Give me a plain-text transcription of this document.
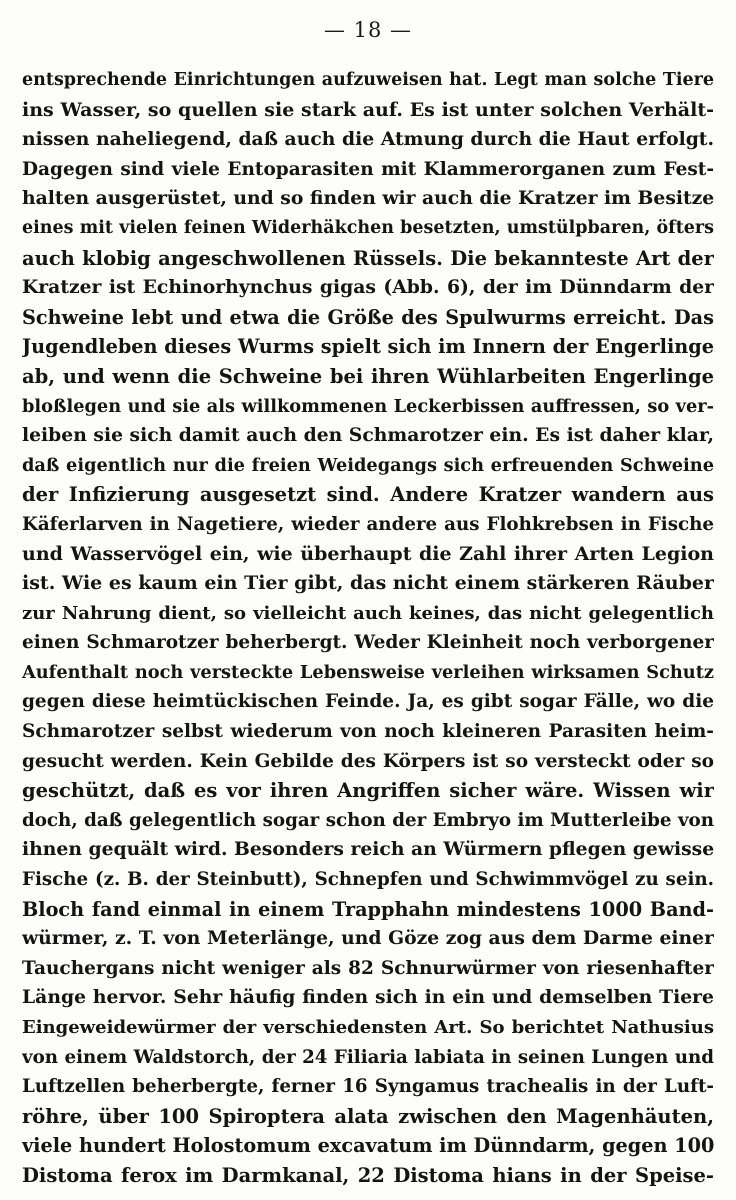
— 18 —
entsprechende Einrichtungen aufzuweisen hat. Legt man solche Tiere
ins Wasser, so quellen sie stark auf. Es ist unter solchen Verhält-
nissen naheliegend, daß auch die Atmung durch die Haut erfolgt.
Dagegen sind viele Entoparasiten mit Klammerorganen zum Fest-
halten ausgerüstet, und so finden wir auch die Kratzer im Besitze
eines mit vielen feinen Widerhäkchen besetzten, umstülpbaren, öfters
auch klobig angeschwollenen Rüssels. Die bekannteste Art der
Kratzer ist Echinorhynchus gigas (Abb. 6), der im Dünndarm der
Schweine lebt und etwa die Größe des Spulwurms erreicht. Das
Jugendleben dieses Wurms spielt sich im Innern der Engerlinge
ab, und wenn die Schweine bei ihren Wühlarbeiten Engerlinge
bloßlegen und sie als willkommenen Leckerbissen auffressen, so ver-
leiben sie sich damit auch den Schmarotzer ein. Es ist daher klar,
daß eigentlich nur die freien Weidegangs sich erfreuenden Schweine
der Infizierung ausgesetzt sind. Andere Kratzer wandern aus
Käferlarven in Nagetiere, wieder andere aus Flohkrebsen in Fische
und Wasservögel ein, wie überhaupt die Zahl ihrer Arten Legion
ist. Wie es kaum ein Tier gibt, das nicht einem stärkeren Räuber
zur Nahrung dient, so vielleicht auch keines, das nicht gelegentlich
einen Schmarotzer beherbergt. Weder Kleinheit noch verborgener
Aufenthalt noch versteckte Lebensweise verleihen wirksamen Schutz
gegen diese heimtückischen Feinde. Ja, es gibt sogar Fälle, wo die
Schmarotzer selbst wiederum von noch kleineren Parasiten heim-
gesucht werden. Kein Gebilde des Körpers ist so versteckt oder so
geschützt, daß es vor ihren Angriffen sicher wäre. Wissen wir
doch, daß gelegentlich sogar schon der Embryo im Mutterleibe von
ihnen gequält wird. Besonders reich an Würmern pflegen gewisse
Fische (z. B. der Steinbutt), Schnepfen und Schwimmvögel zu sein.
Bloch fand einmal in einem Trapphahn mindestens 1000 Band-
würmer, z. T. von Meterlänge, und Göze zog aus dem Darme einer
Tauchergans nicht weniger als 82 Schnurwürmer von riesenhafter
Länge hervor. Sehr häufig finden sich in ein und demselben Tiere
Eingeweidewürmer der verschiedensten Art. So berichtet Nathusius
von einem Waldstorch, der 24 Filiaria labiata in seinen Lungen und
Luftzellen beherbergte, ferner 16 Syngamus trachealis in der Luft-
röhre, über 100 Spiroptera alata zwischen den Magenhäuten,
viele hundert Holostomum excavatum im Dünndarm, gegen 100
Distoma ferox im Darmkanal, 22 Distoma hians in der Speise-
